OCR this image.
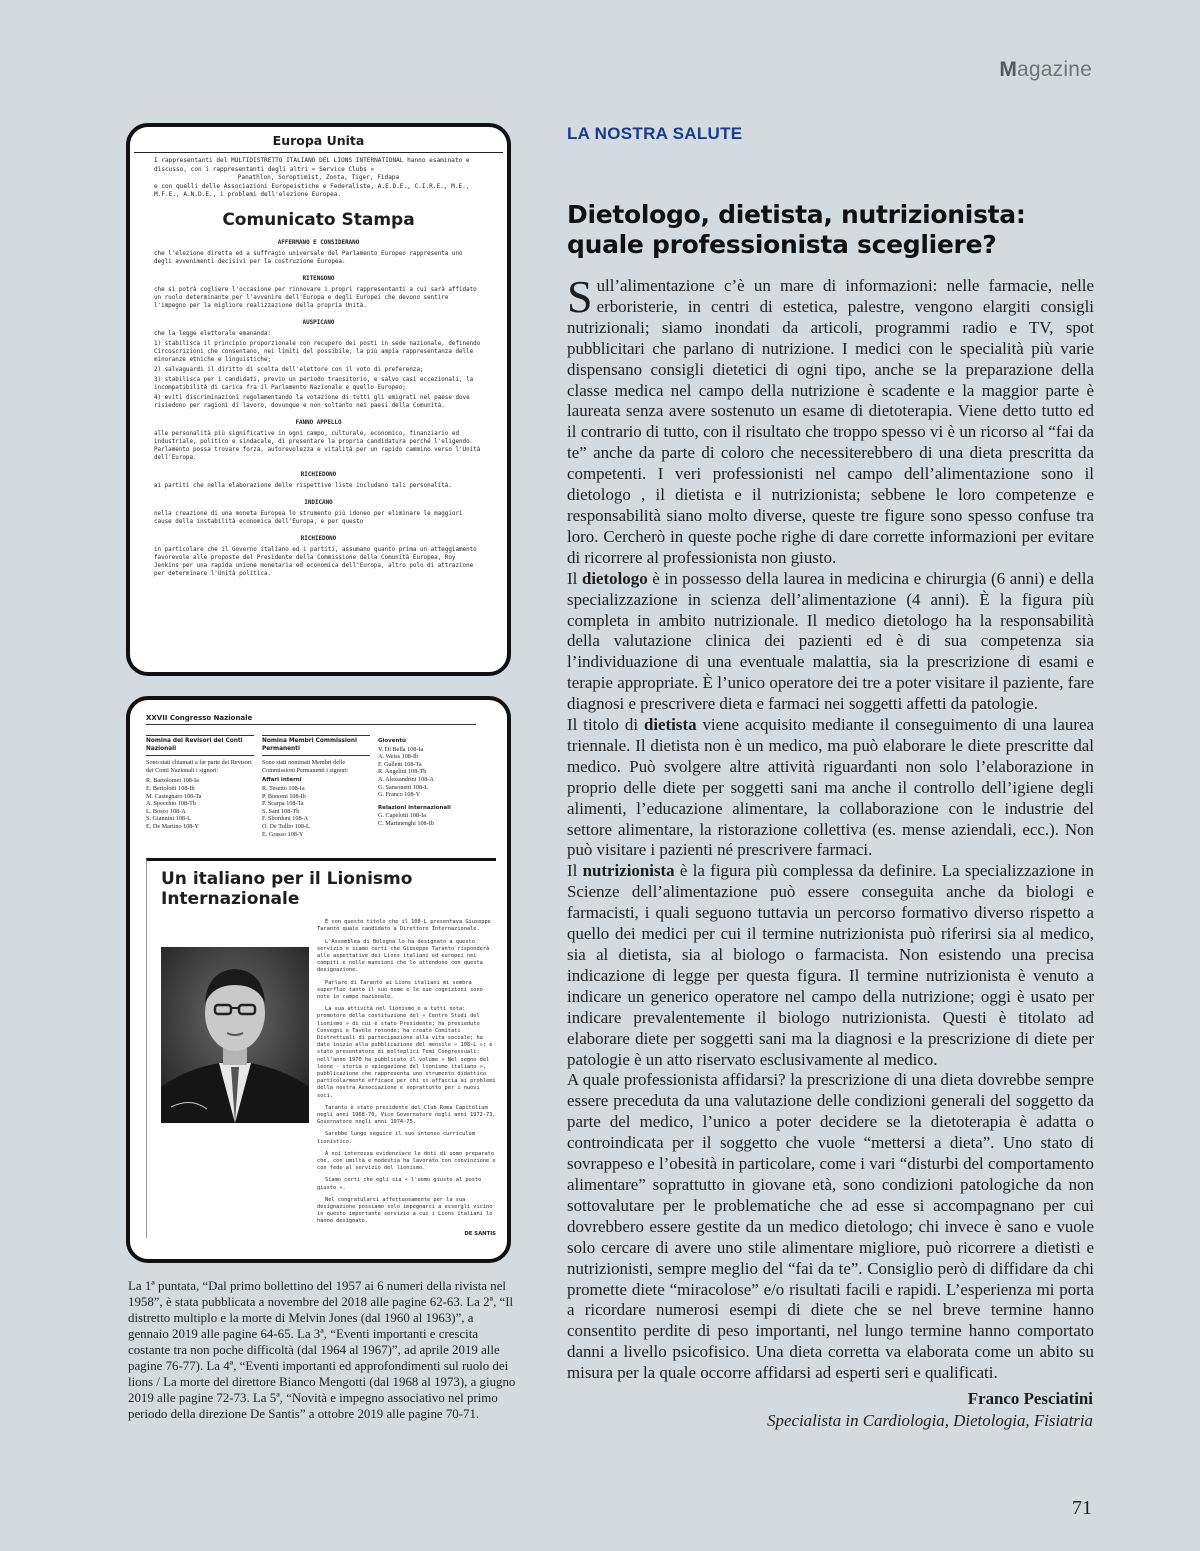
Magazine
Europa Unita
I rappresentanti del MULTIDISTRETTO ITALIANO DEL LIONS INTERNATIONAL hanno esaminato e discusso, con i rappresentanti degli altri « Service Clubs »
Panathlon, Soroptimist, Zonta, Tiger, Fidapa
e con quelli delle Associazioni Europeistiche e Federaliste, A.E.D.E., C.I.R.E., M.E., M.F.E., A.N.D.E., i problemi dell'elezione Europea.
Comunicato Stampa
AFFERMANO E CONSIDERANO

che l'elezione diretta ed a suffragio universale del Parlamento Europeo rappresenta uno degli avvenimenti decisivi per la costruzione Europea.

RITENGONO

che si potrà cogliere l'occasione per rinnovare i propri rappresentanti a cui sarà affidato un ruolo determinante per l'avvenire dell'Europa e degli Europei che devono sentire l'impegno per la migliore realizzazione della propria Unità.

AUSPICANO

che la legge elettorale emananda:

1) stabilisca il principio proporzionale con recupero dei posti in sede nazionale, definendo Circoscrizioni che consentano, nei limiti del possibile, la più ampia rappresentanza delle minoranze etniche e linguistiche;

2) salvaguardi il diritto di scelta dell'elettore con il voto di preferenza;

3) stabilisca per i candidati, previo un periodo transitorio, e salvo casi eccezionali, la incompatibilità di carica fra il Parlamento Nazionale e quello Europeo;

4) eviti discriminazioni regolamentando la votazione di tutti gli emigrati nel paese dove risiedono per ragioni di lavoro, dovunque e non soltanto nei paesi della Comunità.

FANNO APPELLO

alle personalità più significative in ogni campo, culturale, economico, finanziario ed industriale, politico e sindacale, di presentare la propria candidatura perché l'eligendo Parlamento possa trovare forza, autorevolezza e vitalità per un rapido cammino verso l'Unità dell'Europa.

RICHIEDONO

ai partiti che nella elaborazione delle rispettive liste includano tali personalità.

INDICANO

nella creazione di una moneta Europea lo strumento più idoneo per eliminare le maggiori cause della instabilità economica dell'Europa, e per questo

RICHIEDONO

in particolare che il Governo italiano ed i partiti, assumano quanto prima un atteggiamento favorevole alle proposte del Presidente della Commissione della Comunità Europea, Roy Jenkins per una rapida unione monetaria ed economica dell'Europa, altro polo di attrazione per determinare l'Unità politica.

XXVII Congresso Nazionale
Nomina dei Revisori dei Conti Nazionali
Sono stati chiamati a far parte dei Revisori dei Conti Nazionali i signori:
R. Bartolomei 108-Ia
E. Bertolotti 108-Ib
M. Castegnaro 108-Ta
A. Specchio 108-Tb
L. Bosco 108-A
S. Giannini 108-L
E. De Martino 108-Y
Nomina Membri Commissioni Permanenti
Sono stati nominati Membri delle Commissioni Permanenti i signori:
Affari interni
R. Tesetto 108-Ia
P. Bonomi 108-Ib
P. Scarpa 108-Ta
S. Sani 108-Tb
F. Sbordoni 108-A
O. De Tullio 108-L
E. Grasso 108-Y
Gioventù
V. Di Bella 108-Ia
A. Weiss 108-Ib
F. Galletti 108-Ta
R. Angelini 108-Tb
A. Alessandrini 108-A
G. Sansonetti 108-L
G. Franco 108-Y
Relazioni internazionali
G. Capelotti 108-Ia
C. Martinenghi 108-Ib
Un italiano per il Lionismo Internazionale

È con questo titolo che il 108-L presentava Giuseppe Taranto quale candidato a Direttore Internazionale.

L'Assemblea di Bologna lo ha designato a questo servizio e siamo certi che Giuseppe Taranto risponderà alle aspettative dei Lions italiani ed europei nei compiti e nelle mansioni che lo attendono con questa designazione.

Parlare di Taranto ai Lions italiani mi sembra superfluo tanto il suo nome e le sue cognizioni sono note in campo nazionale.

La sua attività nel lionismo è a tutti nota: promotore della costituzione del « Centro Studi del lionismo » di cui è stato Presidente; ha presieduto Convegni e Tavole rotonde; ha creato Comitati Distrettuali di partecipazione alla vita sociale; ha dato inizio alla pubblicazione del mensile « 108-L »; è stato presentatore di molteplici Temi Congressuali; nell'anno 1970 ha pubblicato il volume « Nel segno del leone - storia e spiegazione del lionismo italiano », pubblicazione che rappresenta uno strumento didattico particolarmente efficace per chi si affaccia ai problemi della nostra Associazione e soprattutto per i nuovi soci.

Taranto è stato presidente del Club Roma Capitolium negli anni 1968-70, Vice Governatore negli anni 1972-73, Governatore negli anni 1974-75.

Sarebbe lungo seguire il suo intenso curriculum lionistico.

A noi interessa evidenziare le doti di uomo preparato che, con umiltà e modestia ha lavorato con convinzione e con fede al servizio del lionismo.

Siamo certi che egli sia « l'uomo giusto al posto giusto ».

Nel congratularci affettuosamente per la sua designazione possiamo solo impegnarci a essergli vicino in questo importante servizio a cui i Lions italiani lo hanno designato.

DE SANTIS
La 1ª puntata, “Dal primo bollettino del 1957 ai 6 numeri della rivista nel 1958”, è stata pubblicata a novembre del 2018 alle pagine 62-63. La 2ª, “Il distretto multiplo e la morte di Melvin Jones (dal 1960 al 1963)”, a gennaio 2019 alle pagine 64-65. La 3ª, “Eventi importanti e crescita costante tra non poche difficoltà (dal 1964 al 1967)”, ad aprile 2019 alle pagine 76-77). La 4ª, “Eventi importanti ed approfondimenti sul ruolo dei lions / La morte del direttore Bianco Mengotti (dal 1968 al 1973), a giugno 2019 alle pagine 72-73. La 5ª, “Novità e impegno associativo nel primo periodo della direzione De Santis” a ottobre 2019 alle pagine 70-71.
LA NOSTRA SALUTE
Dietologo, dietista, nutrizionista: quale professionista scegliere?

Sull’alimentazione c’è un mare di informazioni: nelle farmacie, nelle erboristerie, in centri di estetica, palestre, vengono elargiti consigli nutrizionali; siamo inondati da articoli, programmi radio e TV, spot pubblicitari che parlano di nutrizione. I medici con le specialità più varie dispensano consigli dietetici di ogni tipo, anche se la preparazione della classe medica nel campo della nutrizione è scadente e la maggior parte è laureata senza avere sostenuto un esame di dietoterapia. Viene detto tutto ed il contrario di tutto, con il risultato che troppo spesso vi è un ricorso al “fai da te” anche da parte di coloro che necessiterebbero di una dieta prescritta da competenti. I veri professionisti nel campo dell’alimentazione sono il dietologo , il dietista e il nutrizionista; sebbene le loro competenze e responsabilità siano molto diverse, queste tre figure sono spesso confuse tra loro. Cercherò in queste poche righe di dare corrette informazioni per evitare di ricorrere al professionista non giusto.

Il dietologo è in possesso della laurea in medicina e chirurgia (6 anni) e della specializzazione in scienza dell’alimentazione (4 anni). È la figura più completa in ambito nutrizionale. Il medico dietologo ha la responsabilità della valutazione clinica dei pazienti ed è di sua competenza sia l’individuazione di una eventuale malattia, sia la prescrizione di esami e terapie appropriate. È l’unico operatore dei tre a poter visitare il paziente, fare diagnosi e prescrivere dieta e farmaci nei soggetti affetti da patologie.

Il titolo di dietista viene acquisito mediante il conseguimento di una laurea triennale. Il dietista non è un medico, ma può elaborare le diete prescritte dal medico. Può svolgere altre attività riguardanti non solo l’elaborazione in proprio delle diete per soggetti sani ma anche il controllo dell’igiene degli alimenti, l’educazione alimentare, la collaborazione con le industrie del settore alimentare, la ristorazione collettiva (es. mense aziendali, ecc.). Non può visitare i pazienti né prescrivere farmaci.

Il nutrizionista è la figura più complessa da definire. La specializzazione in Scienze dell’alimentazione può essere conseguita anche da biologi e farmacisti, i quali seguono tuttavia un percorso formativo diverso rispetto a quello dei medici per cui il termine nutrizionista può riferirsi sia al medico, sia al dietista, sia al biologo o farmacista. Non esistendo una precisa indicazione di legge per questa figura. Il termine nutrizionista è venuto a indicare un generico operatore nel campo della nutrizione; oggi è usato per indicare prevalentemente il biologo nutrizionista. Questi è titolato ad elaborare diete per soggetti sani ma la diagnosi e la prescrizione di diete per patologie è un atto riservato esclusivamente al medico.

A quale professionista affidarsi? la prescrizione di una dieta dovrebbe sempre essere preceduta da una valutazione delle condizioni generali del soggetto da parte del medico, l’unico a poter decidere se la dietoterapia è adatta o controindicata per il soggetto che vuole “mettersi a dieta”. Uno stato di sovrappeso e l’obesità in particolare, come i vari “disturbi del comportamento alimentare” soprattutto in giovane età, sono condizioni patologiche da non sottovalutare per le problematiche che ad esse si accompagnano per cui dovrebbero essere gestite da un medico dietologo; chi invece è sano e vuole solo cercare di avere uno stile alimentare migliore, può ricorrere a dietisti e nutrizionisti, sempre meglio del “fai da te”. Consiglio però di diffidare da chi promette diete “miracolose” e/o risultati facili e rapidi. L’esperienza mi porta a ricordare numerosi esempi di diete che se nel breve termine hanno consentito perdite di peso importanti, nel lungo termine hanno comportato danni a livello psicofisico. Una dieta corretta va elaborata come un abito su misura per la quale occorre affidarsi ad esperti seri e qualificati.

Franco Pesciatini
Specialista in Cardiologia, Dietologia, Fisiatria
71
